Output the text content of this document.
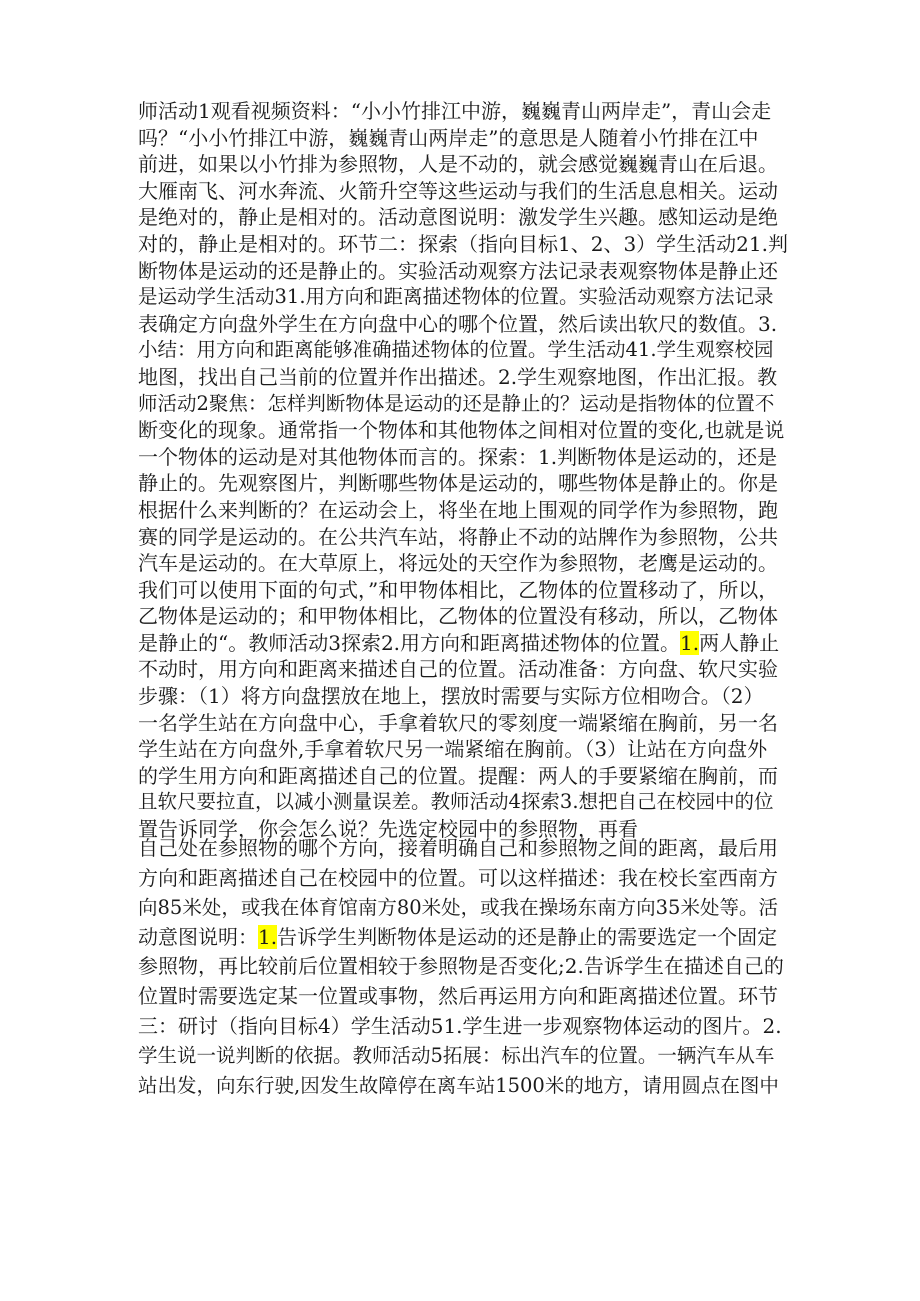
师活动1观看视频资料：“小小竹排江中游，巍巍青山两岸走”，青山会走
吗？“小小竹排江中游，巍巍青山两岸走”的意思是人随着小竹排在江中
前进，如果以小竹排为参照物，人是不动的，就会感觉巍巍青山在后退。
大雁南飞、河水奔流、火箭升空等这些运动与我们的生活息息相关。运动
是绝对的，静止是相对的。活动意图说明：激发学生兴趣。感知运动是绝
对的，静止是相对的。环节二：探索（指向目标1、2、3）学生活动21.判
断物体是运动的还是静止的。实验活动观察方法记录表观察物体是静止还
是运动学生活动31.用方向和距离描述物体的位置。实验活动观察方法记录
表确定方向盘外学生在方向盘中心的哪个位置，然后读出软尺的数值。3.
小结：用方向和距离能够准确描述物体的位置。学生活动41.学生观察校园
地图，找出自己当前的位置并作出描述。2.学生观察地图，作出汇报。教
师活动2聚焦：怎样判断物体是运动的还是静止的？运动是指物体的位置不
断变化的现象。通常指一个物体和其他物体之间相对位置的变化,也就是说
一个物体的运动是对其他物体而言的。探索：1.判断物体是运动的，还是
静止的。先观察图片，判断哪些物体是运动的，哪些物体是静止的。你是
根据什么来判断的？在运动会上，将坐在地上围观的同学作为参照物，跑
赛的同学是运动的。在公共汽车站，将静止不动的站牌作为参照物，公共
汽车是运动的。在大草原上，将远处的天空作为参照物，老鹰是运动的。
我们可以使用下面的句式，”和甲物体相比，乙物体的位置移动了，所以，
乙物体是运动的；和甲物体相比，乙物体的位置没有移动，所以，乙物体
是静止的“。教师活动3探索2.用方向和距离描述物体的位置。1.两人静止
不动时，用方向和距离来描述自己的位置。活动准备：方向盘、软尺实验
步骤：（1）将方向盘摆放在地上，摆放时需要与实际方位相吻合。（2）
一名学生站在方向盘中心，手拿着软尺的零刻度一端紧缩在胸前，另一名
学生站在方向盘外,手拿着软尺另一端紧缩在胸前。（3）让站在方向盘外
的学生用方向和距离描述自己的位置。提醒：两人的手要紧缩在胸前，而
且软尺要拉直，以减小测量误差。教师活动4探索3.想把自己在校园中的位
置告诉同学，你会怎么说？先选定校园中的参照物，再看
自己处在参照物的哪个方向，接着明确自己和参照物之间的距离，最后用
方向和距离描述自己在校园中的位置。可以这样描述：我在校长室西南方
向85米处，或我在体育馆南方80米处，或我在操场东南方向35米处等。活
动意图说明：1.告诉学生判断物体是运动的还是静止的需要选定一个固定
参照物，再比较前后位置相较于参照物是否变化;2.告诉学生在描述自己的
位置时需要选定某一位置或事物，然后再运用方向和距离描述位置。环节
三：研讨（指向目标4）学生活动51.学生进一步观察物体运动的图片。2.
学生说一说判断的依据。教师活动5拓展：标出汽车的位置。一辆汽车从车
站出发，向东行驶,因发生故障停在离车站1500米的地方，请用圆点在图中
